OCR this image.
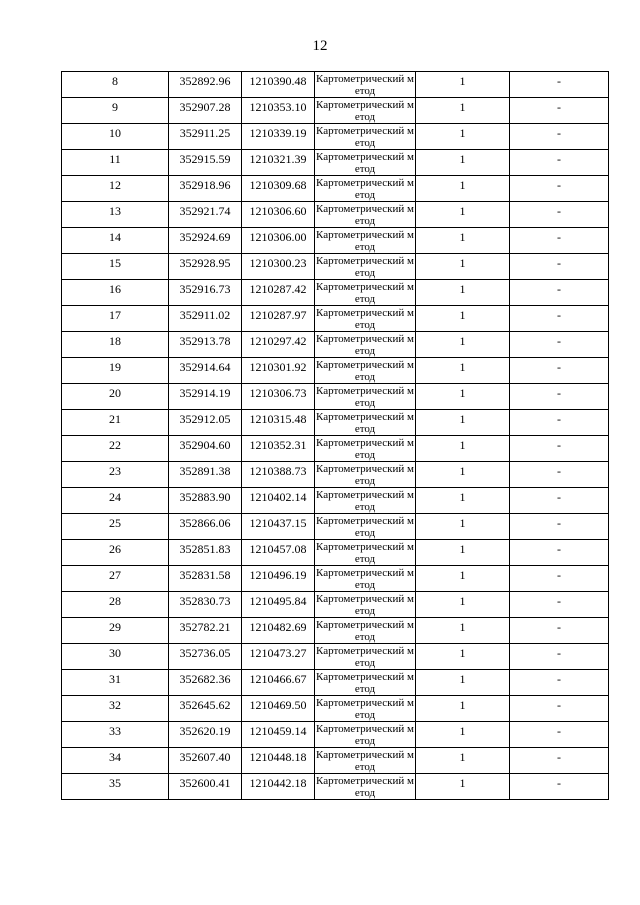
12
8	352892.96	1210390.48	Картометрический метод	1	-
9	352907.28	1210353.10	Картометрический метод	1	-
10	352911.25	1210339.19	Картометрический метод	1	-
11	352915.59	1210321.39	Картометрический метод	1	-
12	352918.96	1210309.68	Картометрический метод	1	-
13	352921.74	1210306.60	Картометрический метод	1	-
14	352924.69	1210306.00	Картометрический метод	1	-
15	352928.95	1210300.23	Картометрический метод	1	-
16	352916.73	1210287.42	Картометрический метод	1	-
17	352911.02	1210287.97	Картометрический метод	1	-
18	352913.78	1210297.42	Картометрический метод	1	-
19	352914.64	1210301.92	Картометрический метод	1	-
20	352914.19	1210306.73	Картометрический метод	1	-
21	352912.05	1210315.48	Картометрический метод	1	-
22	352904.60	1210352.31	Картометрический метод	1	-
23	352891.38	1210388.73	Картометрический метод	1	-
24	352883.90	1210402.14	Картометрический метод	1	-
25	352866.06	1210437.15	Картометрический метод	1	-
26	352851.83	1210457.08	Картометрический метод	1	-
27	352831.58	1210496.19	Картометрический метод	1	-
28	352830.73	1210495.84	Картометрический метод	1	-
29	352782.21	1210482.69	Картометрический метод	1	-
30	352736.05	1210473.27	Картометрический метод	1	-
31	352682.36	1210466.67	Картометрический метод	1	-
32	352645.62	1210469.50	Картометрический метод	1	-
33	352620.19	1210459.14	Картометрический метод	1	-
34	352607.40	1210448.18	Картометрический метод	1	-
35	352600.41	1210442.18	Картометрический метод	1	-
